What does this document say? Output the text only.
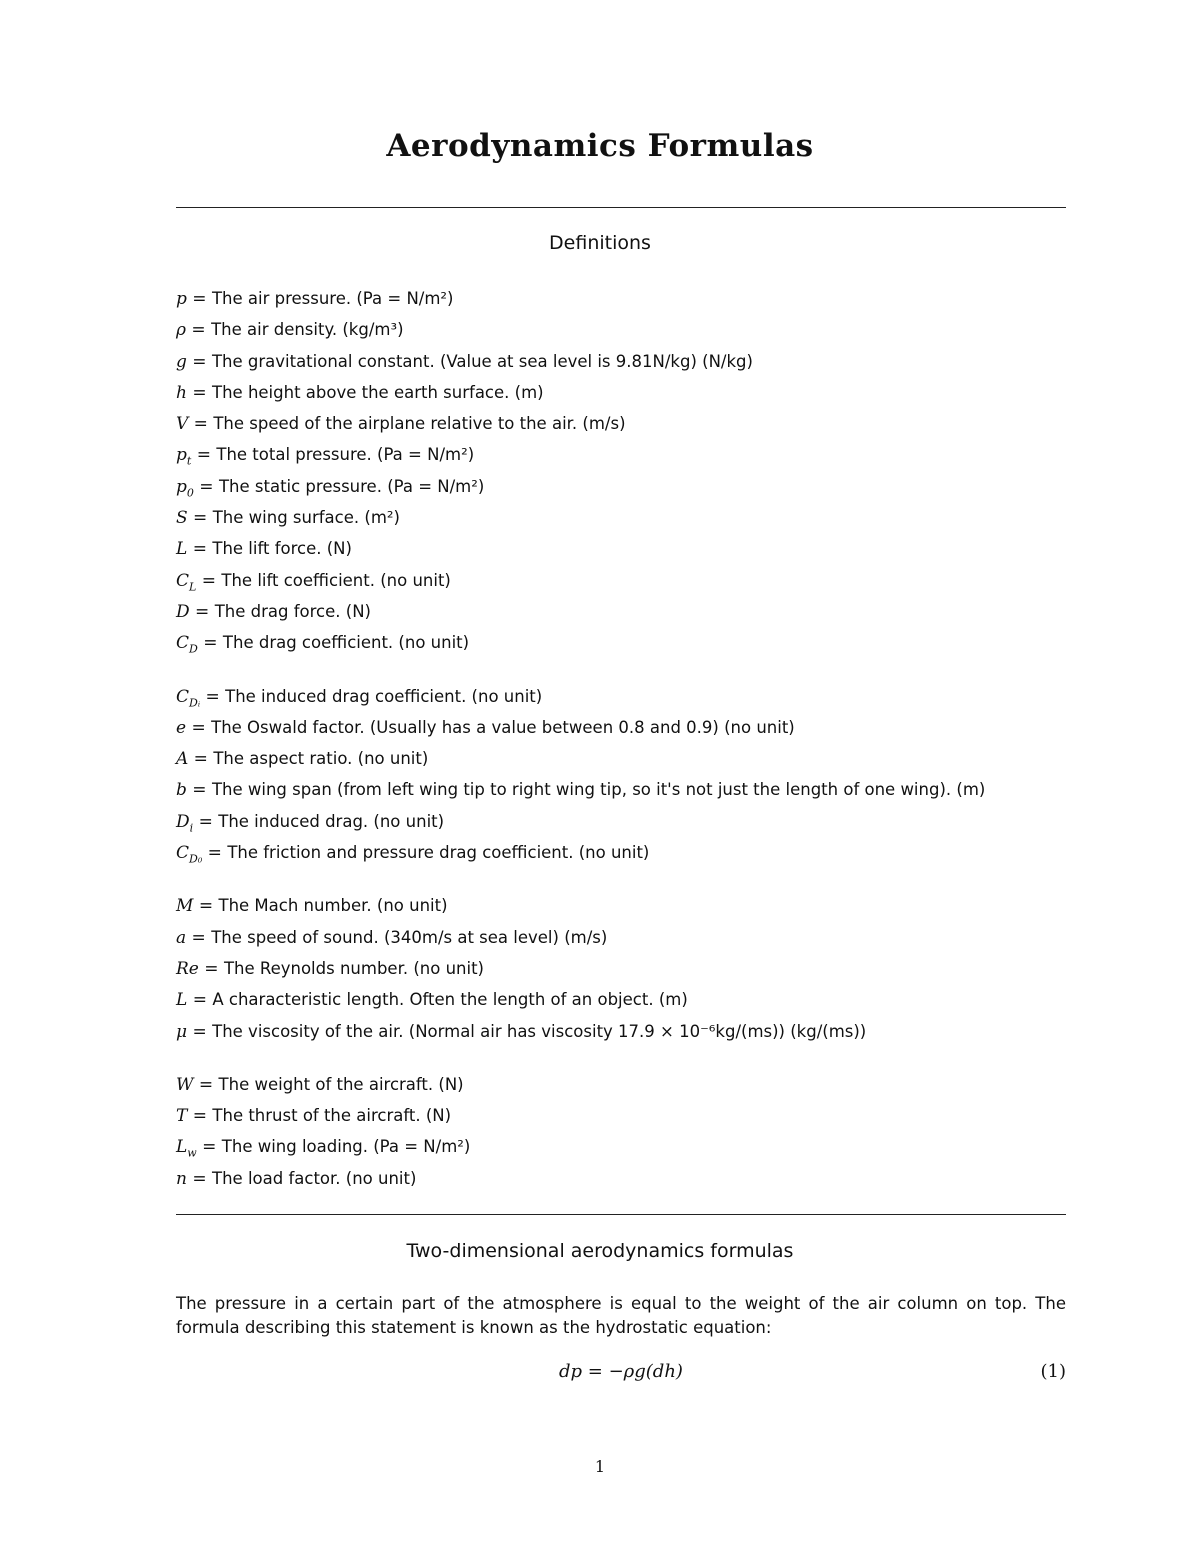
Aerodynamics Formulas
Definitions
p = The air pressure. (Pa = N/m²)
ρ = The air density. (kg/m³)
g = The gravitational constant. (Value at sea level is 9.81N/kg) (N/kg)
h = The height above the earth surface. (m)
V = The speed of the airplane relative to the air. (m/s)
$p_t$ = The total pressure. (Pa = N/m²)
$p_0$ = The static pressure. (Pa = N/m²)
S = The wing surface. (m²)
L = The lift force. (N)
$C_L$ = The lift coefficient. (no unit)
D = The drag force. (N)
$C_D$ = The drag coefficient. (no unit)
$C_{Dᵢ}$ = The induced drag coefficient. (no unit)
e = The Oswald factor. (Usually has a value between 0.8 and 0.9) (no unit)
A = The aspect ratio. (no unit)
b = The wing span (from left wing tip to right wing tip, so it's not just the length of one wing). (m)
$D_i$ = The induced drag. (no unit)
$C_{D_0}$ = The friction and pressure drag coefficient. (no unit)
M = The Mach number. (no unit)
a = The speed of sound. (340m/s at sea level) (m/s)
Re = The Reynolds number. (no unit)
L = A characteristic length. Often the length of an object. (m)
μ = The viscosity of the air. (Normal air has viscosity 17.9 × 10⁻⁶kg/(ms)) (kg/(ms))
W = The weight of the aircraft. (N)
T = The thrust of the aircraft. (N)
$L_w$ = The wing loading. (Pa = N/m²)
n = The load factor. (no unit)
Two-dimensional aerodynamics formulas
The pressure in a certain part of the atmosphere is equal to the weight of the air column on top. The formula describing this statement is known as the hydrostatic equation:
dp = −ρg(dh)	(1)
1
